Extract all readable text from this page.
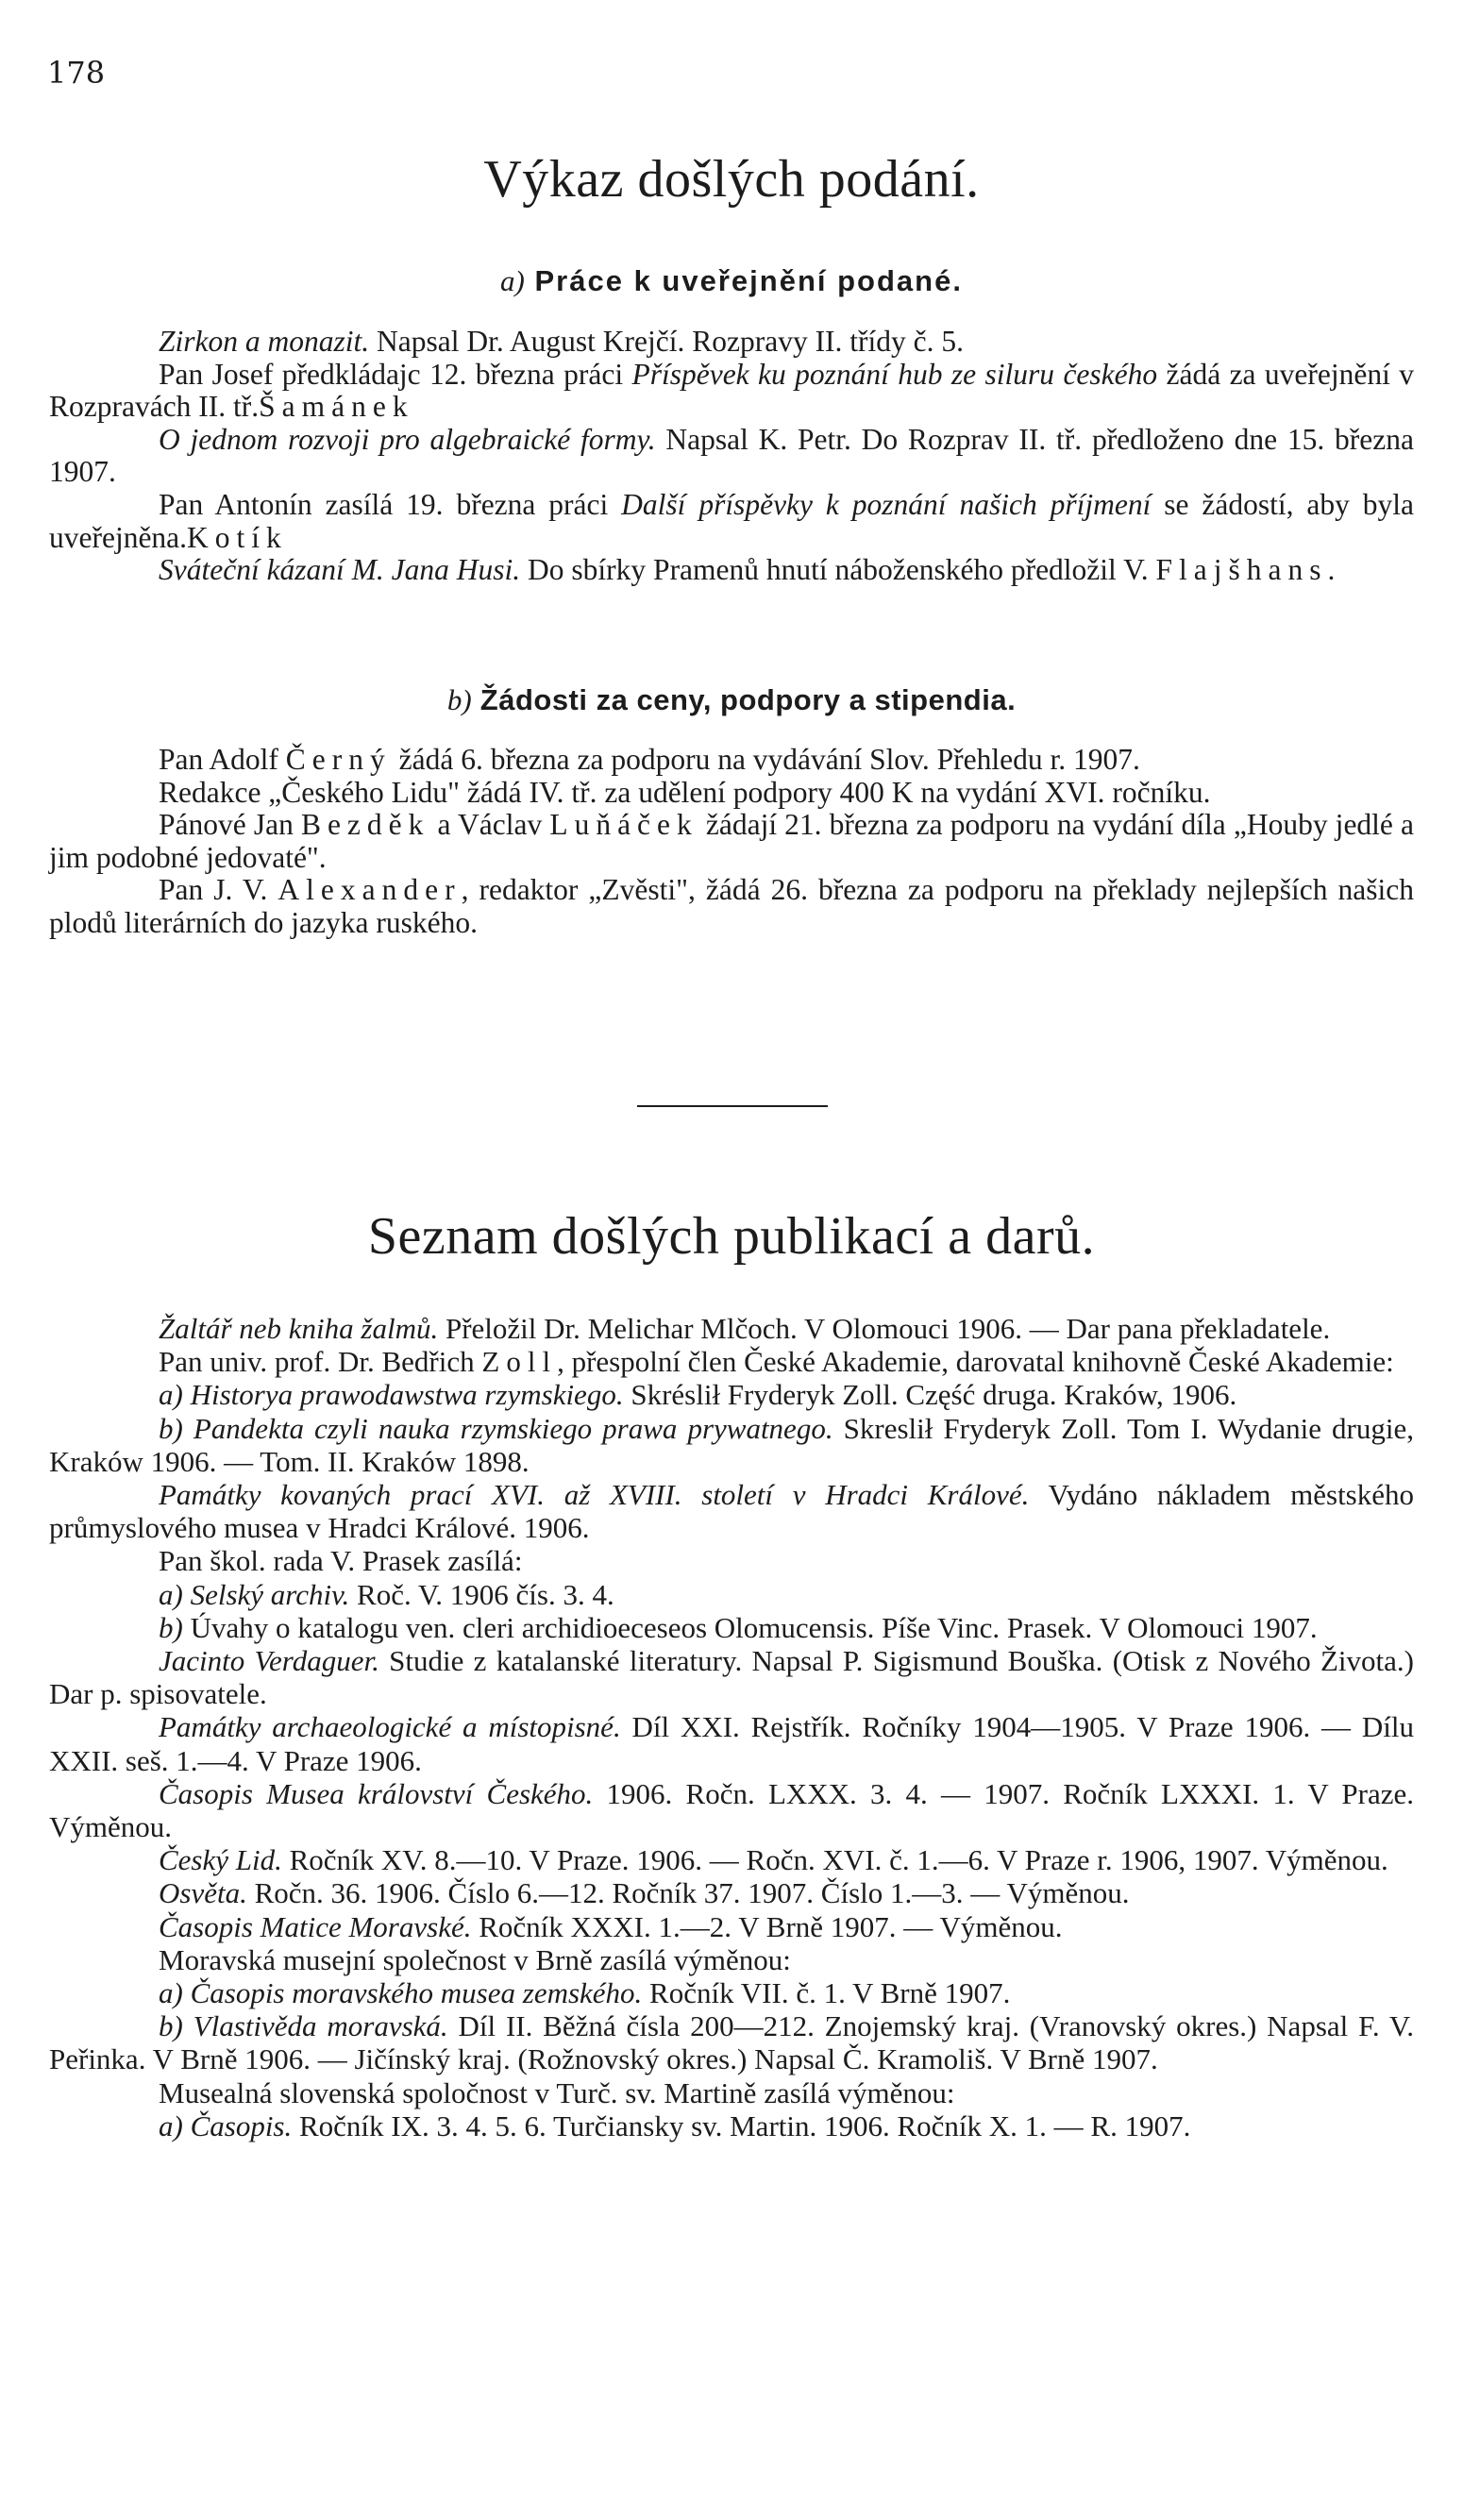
178
Výkaz došlých podání.
a) Práce k uveřejnění podané.

Zirkon a monazit. Napsal Dr. August Krejčí. Rozpravy II. třídy č. 5.

Pan Josef předkládajc 12. března práci Příspěvek ku poznání hub ze siluru českého žádá za uveřejnění v Rozpravách II. tř.Šamánek

O jednom rozvoji pro algebraické formy. Napsal K. Petr. Do Rozprav II. tř. předloženo dne 15. března 1907.

Pan Antonín zasílá 19. března práci Další příspěvky k poznání našich příjmení se žádostí, aby byla uveřejněna.Kotík

Sváteční kázaní M. Jana Husi. Do sbírky Pramenů hnutí náboženského předložil V. Flajšhans.

b) Žádosti za ceny, podpory a stipendia.

Pan Adolf Černý žádá 6. března za podporu na vydávání Slov. Přehledu r. 1907.

Redakce „Českého Lidu" žádá IV. tř. za udělení podpory 400 K na vydání XVI. ročníku.

Pánové Jan Bezděk a Václav Luňáček žádají 21. března za podporu na vydání díla „Houby jedlé a jim podobné jedovaté".

Pan J. V. Alexander, redaktor „Zvěsti", žádá 26. března za podporu na překlady nejlepších našich plodů literárních do jazyka ruského.

Seznam došlých publikací a darů.

Žaltář neb kniha žalmů. Přeložil Dr. Melichar Mlčoch. V Olomouci 1906. — Dar pana překladatele.

Pan univ. prof. Dr. Bedřich Zoll, přespolní člen České Akademie, darovatal knihovně České Akademie:

a) Historya prawodawstwa rzymskiego. Skréslił Fryderyk Zoll. Część druga. Kraków, 1906.

b) Pandekta czyli nauka rzymskiego prawa prywatnego. Skreslił Fryderyk Zoll. Tom I. Wydanie drugie, Kraków 1906. — Tom. II. Kraków 1898.

Památky kovaných prací XVI. až XVIII. století v Hradci Králové. Vydáno nákladem městského průmyslového musea v Hradci Králové. 1906.

Pan škol. rada V. Prasek zasílá:

a) Selský archiv. Roč. V. 1906 čís. 3. 4.

b) Úvahy o katalogu ven. cleri archidioeceseos Olomucensis. Píše Vinc. Prasek. V Olomouci 1907.

Jacinto Verdaguer. Studie z katalanské literatury. Napsal P. Sigismund Bouška. (Otisk z Nového Života.) Dar p. spisovatele.

Památky archaeologické a místopisné. Díl XXI. Rejstřík. Ročníky 1904—1905. V Praze 1906. — Dílu XXII. seš. 1.—4. V Praze 1906.

Časopis Musea království Českého. 1906. Ročn. LXXX. 3. 4. — 1907. Ročník LXXXI. 1. V Praze. Výměnou.

Český Lid. Ročník XV. 8.—10. V Praze. 1906. — Ročn. XVI. č. 1.—6. V Praze r. 1906, 1907. Výměnou.

Osvěta. Ročn. 36. 1906. Číslo 6.—12. Ročník 37. 1907. Číslo 1.—3. — Výměnou.

Časopis Matice Moravské. Ročník XXXI. 1.—2. V Brně 1907. — Výměnou.

Moravská musejní společnost v Brně zasílá výměnou:

a) Časopis moravského musea zemského. Ročník VII. č. 1. V Brně 1907.

b) Vlastivěda moravská. Díl II. Běžná čísla 200—212. Znojemský kraj. (Vranovský okres.) Napsal F. V. Peřinka. V Brně 1906. — Jičínský kraj. (Rožnovský okres.) Napsal Č. Kramoliš. V Brně 1907.

Musealná slovenská spoločnost v Turč. sv. Martině zasílá výměnou:

a) Časopis. Ročník IX. 3. 4. 5. 6. Turčiansky sv. Martin. 1906. Ročník X. 1. — R. 1907.
